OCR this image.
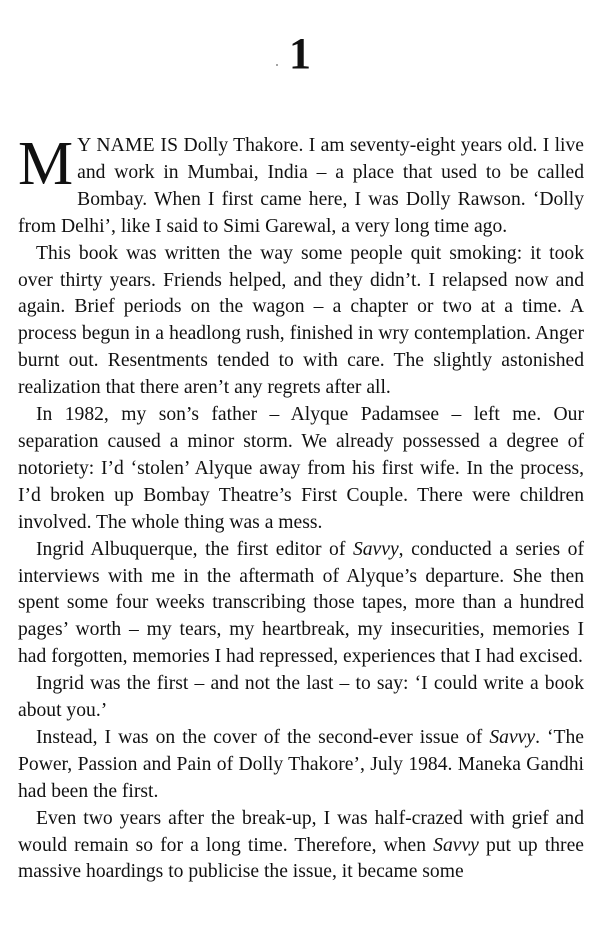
1

M Y NAME IS Dolly Thakore. I am seventy-eight years old. I live and work in Mumbai, India – a place that used to be called Bombay. When I first came here, I was Dolly Rawson. ‘Dolly from Delhi’, like I said to Simi Garewal, a very long time ago.

This book was written the way some people quit smoking: it took over thirty years. Friends helped, and they didn’t. I relapsed now and again. Brief periods on the wagon – a chapter or two at a time. A process begun in a headlong rush, finished in wry contemplation. Anger burnt out. Resentments tended to with care. The slightly astonished realization that there aren’t any regrets after all.

In 1982, my son’s father – Alyque Padamsee – left me. Our separation caused a minor storm. We already possessed a degree of notoriety: I’d ‘stolen’ Alyque away from his first wife. In the process, I’d broken up Bombay Theatre’s First Couple. There were children involved. The whole thing was a mess.

Ingrid Albuquerque, the first editor of Savvy, conducted a series of interviews with me in the aftermath of Alyque’s departure. She then spent some four weeks transcribing those tapes, more than a hundred pages’ worth – my tears, my heartbreak, my insecurities, memories I had forgotten, memories I had repressed, experiences that I had excised.

Ingrid was the first – and not the last – to say: ‘I could write a book about you.’

Instead, I was on the cover of the second-ever issue of Savvy. ‘The Power, Passion and Pain of Dolly Thakore’, July 1984. Maneka Gandhi had been the first.

Even two years after the break-up, I was half-crazed with grief and would remain so for a long time. Therefore, when Savvy put up three massive hoardings to publicise the issue, it became some
